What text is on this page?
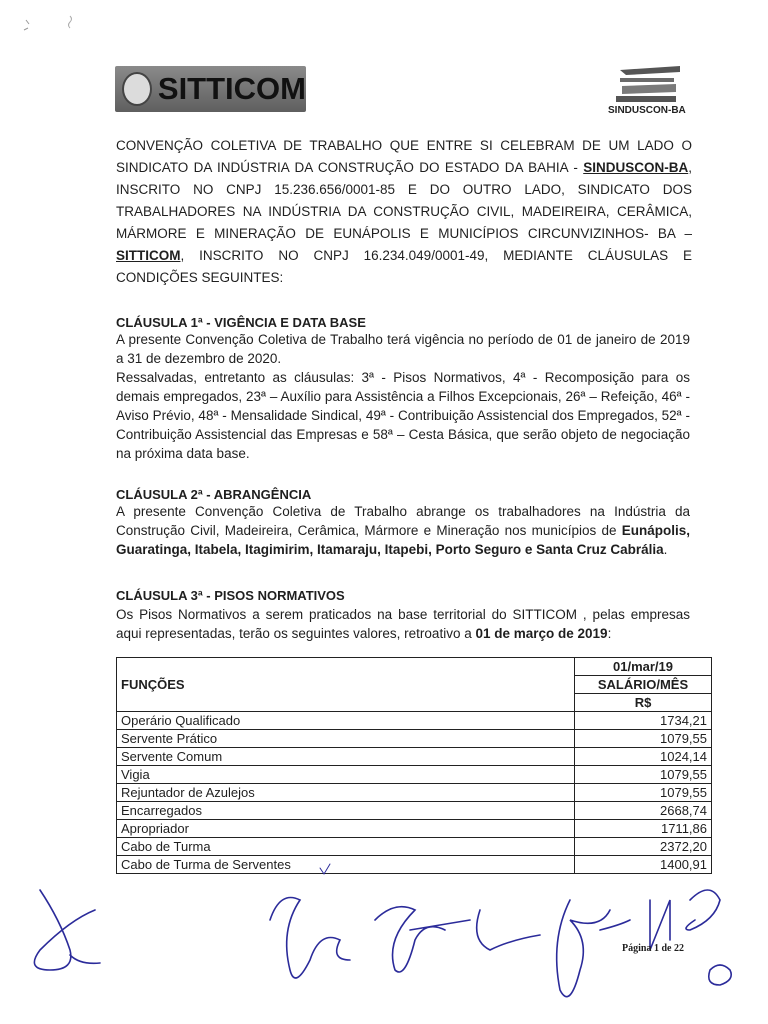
SITTICOM
SINDUSCON-BA
CONVENÇÃO COLETIVA DE TRABALHO QUE ENTRE SI CELEBRAM DE UM LADO O SINDICATO DA INDÚSTRIA DA CONSTRUÇÃO DO ESTADO DA BAHIA - SINDUSCON-BA, INSCRITO NO CNPJ 15.236.656/0001-85 E DO OUTRO LADO, SINDICATO DOS TRABALHADORES NA INDÚSTRIA DA CONSTRUÇÃO CIVIL, MADEIREIRA, CERÂMICA, MÁRMORE E MINERAÇÃO DE EUNÁPOLIS E MUNICÍPIOS CIRCUNVIZINHOS- BA – SITTICOM, INSCRITO NO CNPJ 16.234.049/0001-49, MEDIANTE CLÁUSULAS E CONDIÇÕES SEGUINTES:
CLÁUSULA 1ª - VIGÊNCIA E DATA BASE
A presente Convenção Coletiva de Trabalho terá vigência no período de 01 de janeiro de 2019 a 31 de dezembro de 2020.
Ressalvadas, entretanto as cláusulas: 3ª - Pisos Normativos, 4ª - Recomposição para os demais empregados, 23ª – Auxílio para Assistência a Filhos Excepcionais, 26ª – Refeição, 46ª - Aviso Prévio, 48ª - Mensalidade Sindical, 49ª - Contribuição Assistencial dos Empregados, 52ª - Contribuição Assistencial das Empresas e 58ª – Cesta Básica, que serão objeto de negociação na próxima data base.
CLÁUSULA 2ª - ABRANGÊNCIA
A presente Convenção Coletiva de Trabalho abrange os trabalhadores na Indústria da Construção Civil, Madeireira, Cerâmica, Mármore e Mineração nos municípios de Eunápolis, Guaratinga, Itabela, Itagimirim, Itamaraju, Itapebi, Porto Seguro e Santa Cruz Cabrália.
CLÁUSULA 3ª - PISOS NORMATIVOS
Os Pisos Normativos a serem praticados na base territorial do SITTICOM , pelas empresas aqui representadas, terão os seguintes valores, retroativo a 01 de março de 2019:
FUNÇÕES	01/mar/19
	SALÁRIO/MÊS
	R$
Operário Qualificado	1734,21
Servente Prático	1079,55
Servente Comum	1024,14
Vigia	1079,55
Rejuntador de Azulejos	1079,55
Encarregados	2668,74
Apropriador	1711,86
Cabo de Turma	2372,20
Cabo de Turma de Serventes	1400,91
Página 1 de 22
